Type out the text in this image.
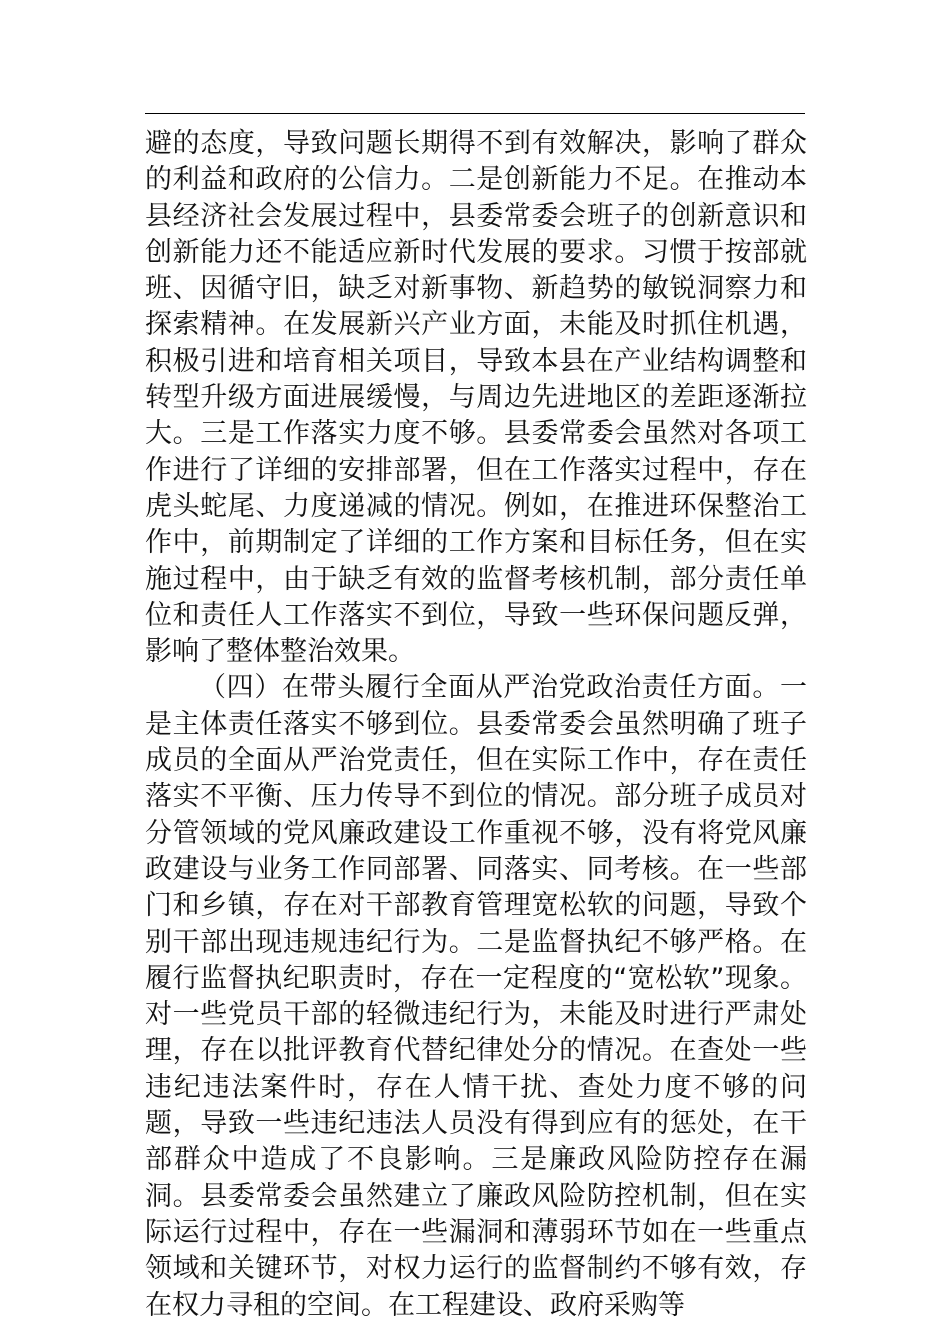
避的态度，导致问题长期得不到有效解决，影响了群众的利益和政府的公信力。二是创新能力不足。在推动本县经济社会发展过程中，县委常委会班子的创新意识和创新能力还不能适应新时代发展的要求。习惯于按部就班、因循守旧，缺乏对新事物、新趋势的敏锐洞察力和探索精神。在发展新兴产业方面，未能及时抓住机遇，积极引进和培育相关项目，导致本县在产业结构调整和转型升级方面进展缓慢，与周边先进地区的差距逐渐拉大。三是工作落实力度不够。县委常委会虽然对各项工作进行了详细的安排部署，但在工作落实过程中，存在虎头蛇尾、力度递减的情况。例如，在推进环保整治工作中，前期制定了详细的工作方案和目标任务，但在实施过程中，由于缺乏有效的监督考核机制，部分责任单位和责任人工作落实不到位，导致一些环保问题反弹，影响了整体整治效果。

（四）在带头履行全面从严治党政治责任方面。一是主体责任落实不够到位。县委常委会虽然明确了班子成员的全面从严治党责任，但在实际工作中，存在责任落实不平衡、压力传导不到位的情况。部分班子成员对分管领域的党风廉政建设工作重视不够，没有将党风廉政建设与业务工作同部署、同落实、同考核。在一些部门和乡镇，存在对干部教育管理宽松软的问题，导致个别干部出现违规违纪行为。二是监督执纪不够严格。在履行监督执纪职责时，存在一定程度的“宽松软”现象。对一些党员干部的轻微违纪行为，未能及时进行严肃处理，存在以批评教育代替纪律处分的情况。在查处一些违纪违法案件时，存在人情干扰、查处力度不够的问题，导致一些违纪违法人员没有得到应有的惩处，在干部群众中造成了不良影响。三是廉政风险防控存在漏洞。县委常委会虽然建立了廉政风险防控机制，但在实际运行过程中，存在一些漏洞和薄弱环节如在一些重点领域和关键环节，对权力运行的监督制约不够有效，存在权力寻租的空间。在工程建设、政府采购等
